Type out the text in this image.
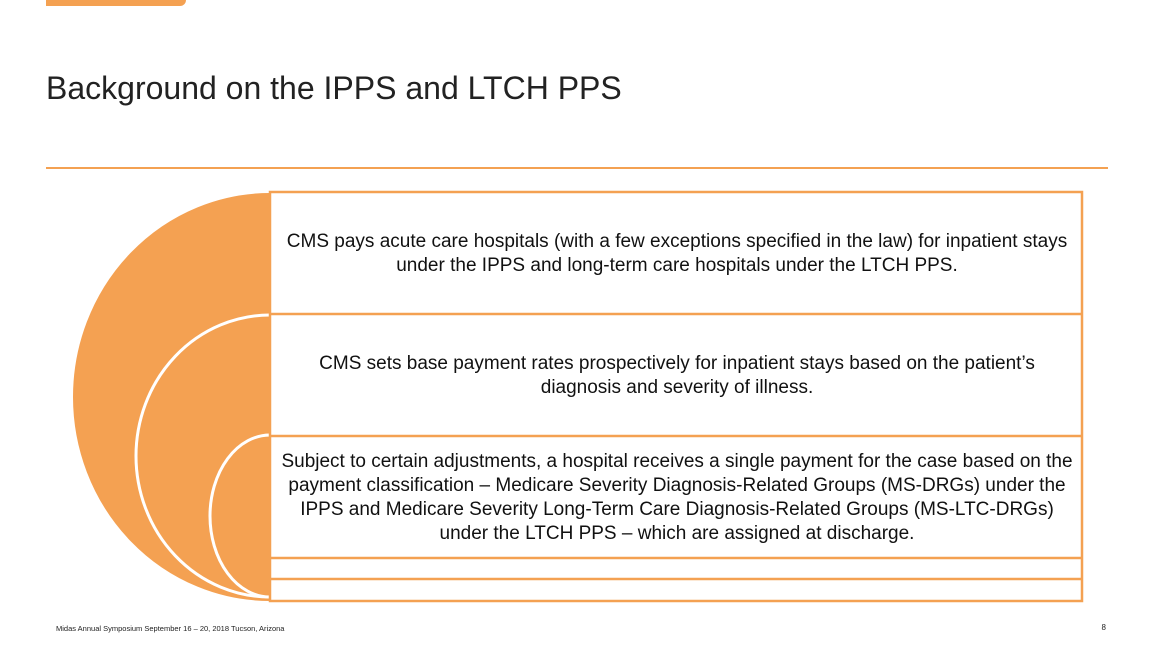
Background on the IPPS and LTCH PPS
CMS pays acute care hospitals (with a few exceptions specified in the law) for inpatient stays under the IPPS and long-term care hospitals under the LTCH PPS.
CMS sets base payment rates prospectively for inpatient stays based on the patient’s diagnosis and severity of illness.
Subject to certain adjustments, a hospital receives a single payment for the case based on the payment classification – Medicare Severity Diagnosis-Related Groups (MS-DRGs) under the IPPS and Medicare Severity Long-Term Care Diagnosis-Related Groups (MS-LTC-DRGs) under the LTCH PPS – which are assigned at discharge.
Midas Annual Symposium September 16 – 20, 2018 Tucson, Arizona	8
